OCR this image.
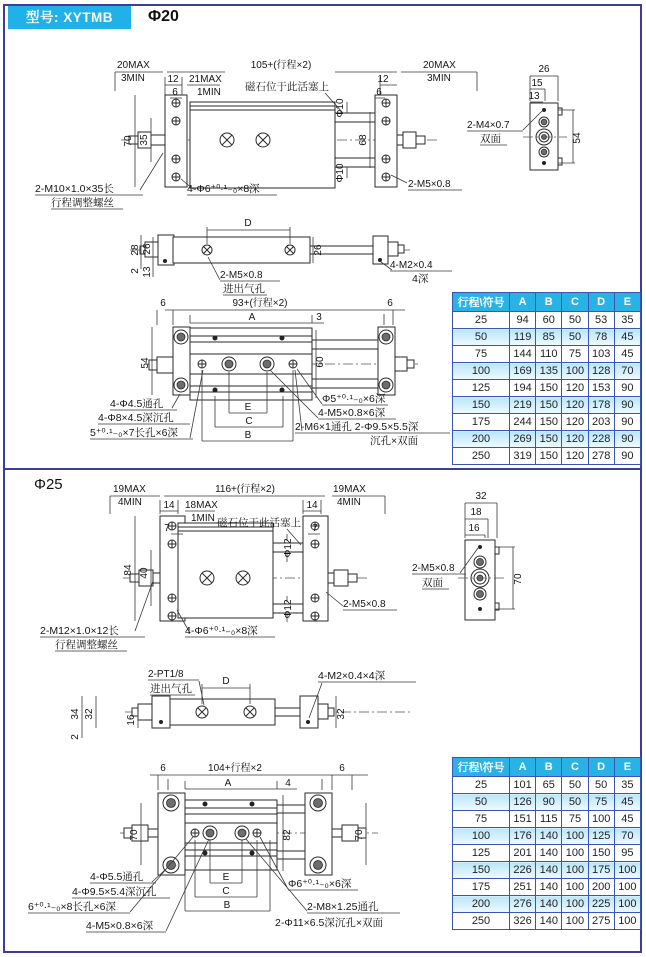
型号: XYTMB	Φ20
Φ25
20MAX
3MIN 12
6
21MAX
1MIN
105+(行程×2)
12
6
20MAX
3MIN
磁石位于此活塞上
Φ10
Φ10
68
70 35
2-M10×1.0×35长
行程调整螺丝
4-Φ6⁺⁰·¹₋₀×8深	2-M5×0.8
26
15
13
54
2-M4×0.7
双面
D
28 26
2 13
26
2-M5×0.8
进出气孔
4-M2×0.4
4深
6	93+(行程×2)	6
A	3
54	60
E
C
B
4-Φ4.5通孔
4-Φ8×4.5深沉孔
5⁺⁰·¹₋₀×7长孔×6深
Φ5⁺⁰·¹₋₀×6深
4-M5×0.8×6深
2-M6×1通孔 2-Φ9.5×5.5深
沉孔×双面
行程\符号	A	B	C	D	E
25	94	60	50	53	35
50	119	85	50	78	45
75	144	110	75	103	45
100	169	135	100	128	70
125	194	150	120	153	90
150	219	150	120	178	90
175	244	150	120	203	90
200	269	150	120	228	90
250	319	150	120	278	90
19MAX
4MIN 14 18MAX
1MIN
116+(行程×2)
14
7	7
19MAX
4MIN
磁石位于此活塞上
Φ12
Φ12
84 40
2-M12×1.0×12长
行程调整螺丝
4-Φ6⁺⁰·¹₋₀×8深
2-M5×0.8
32
18
16
70
2-M5×0.8
双面
2-PT1/8
进出气孔
D	4-M2×0.4×4深
34 32
16
2
32
6	104+行程×2	6
A	4
70	82	70
E
C
B
4-Φ5.5通孔
4-Φ9.5×5.4深沉孔
6⁺⁰·¹₋₀×8长孔×6深
4-M5×0.8×6深
Φ6⁺⁰·¹₋₀×6深
2-M8×1.25通孔
2-Φ11×6.5深沉孔×双面
行程\符号	A	B	C	D	E
25	101	65	50	50	35
50	126	90	50	75	45
75	151	115	75	100	45
100	176	140	100	125	70
125	201	140	100	150	95
150	226	140	100	175	100
175	251	140	100	200	100
200	276	140	100	225	100
250	326	140	100	275	100
